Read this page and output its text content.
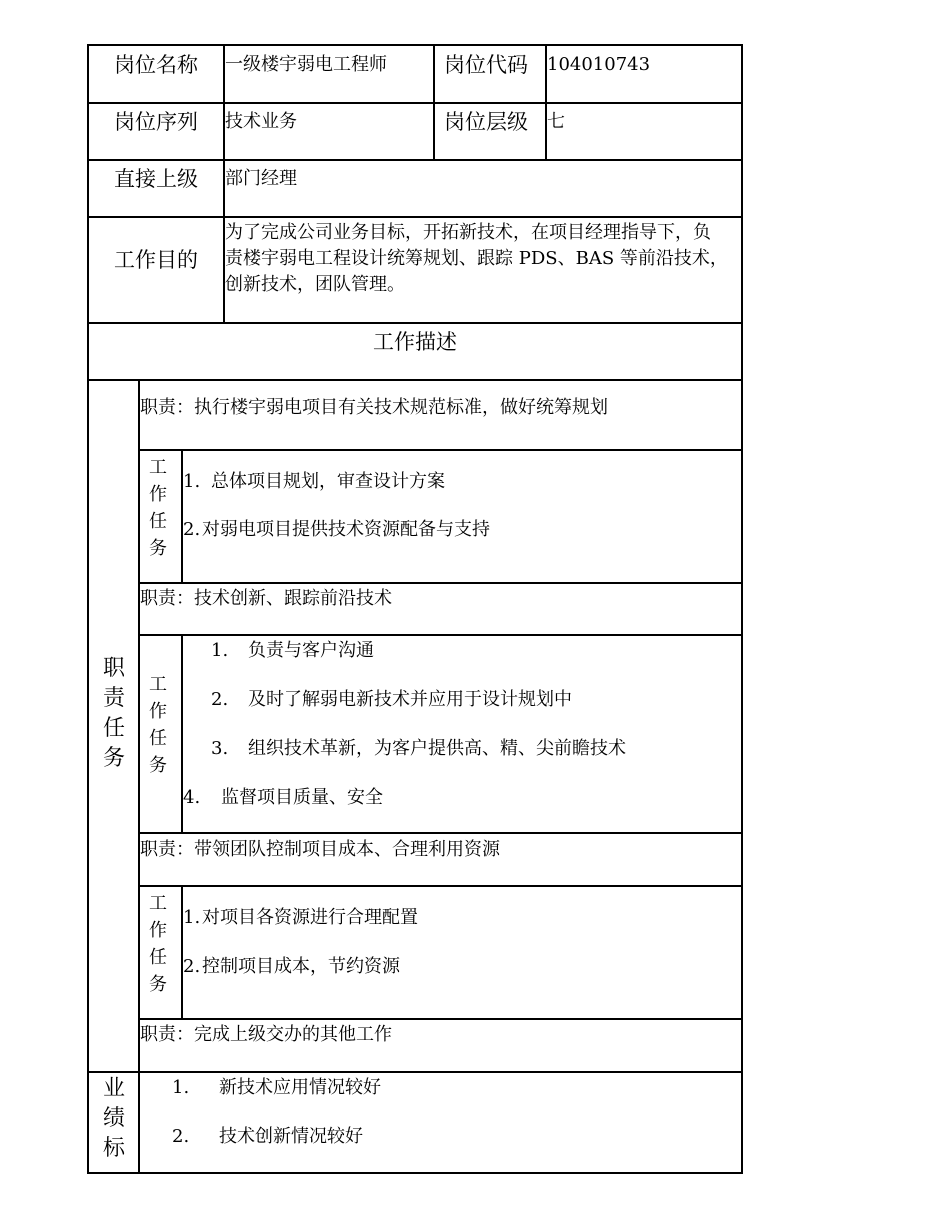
岗位名称 一级楼宇弱电工程师	岗位代码 104010743
岗位序列 技术业务	岗位层级 七
直接上级 部门经理
工作目的
为了完成公司业务目标，开拓新技术，在项目经理指导下，负
责楼宇弱电工程设计统筹规划、跟踪 PDS、BAS 等前沿技术，
创新技术，团队管理。
工作描述
职
责
任
务
职责：执行楼宇弱电项目有关技术规范标准，做好统筹规划
工
作
任
务
1. 总体项目规划，审查设计方案
2. 对弱电项目提供技术资源配备与支持
职责：技术创新、跟踪前沿技术
工
作
任
务
1. 负责与客户沟通
2. 及时了解弱电新技术并应用于设计规划中
3. 组织技术革新，为客户提供高、精、尖前瞻技术
4. 监督项目质量、安全
职责：带领团队控制项目成本、合理利用资源
工
作
任
务
1. 对项目各资源进行合理配置
2. 控制项目成本，节约资源
职责：完成上级交办的其他工作
业
绩
标
1. 新技术应用情况较好
2. 技术创新情况较好
